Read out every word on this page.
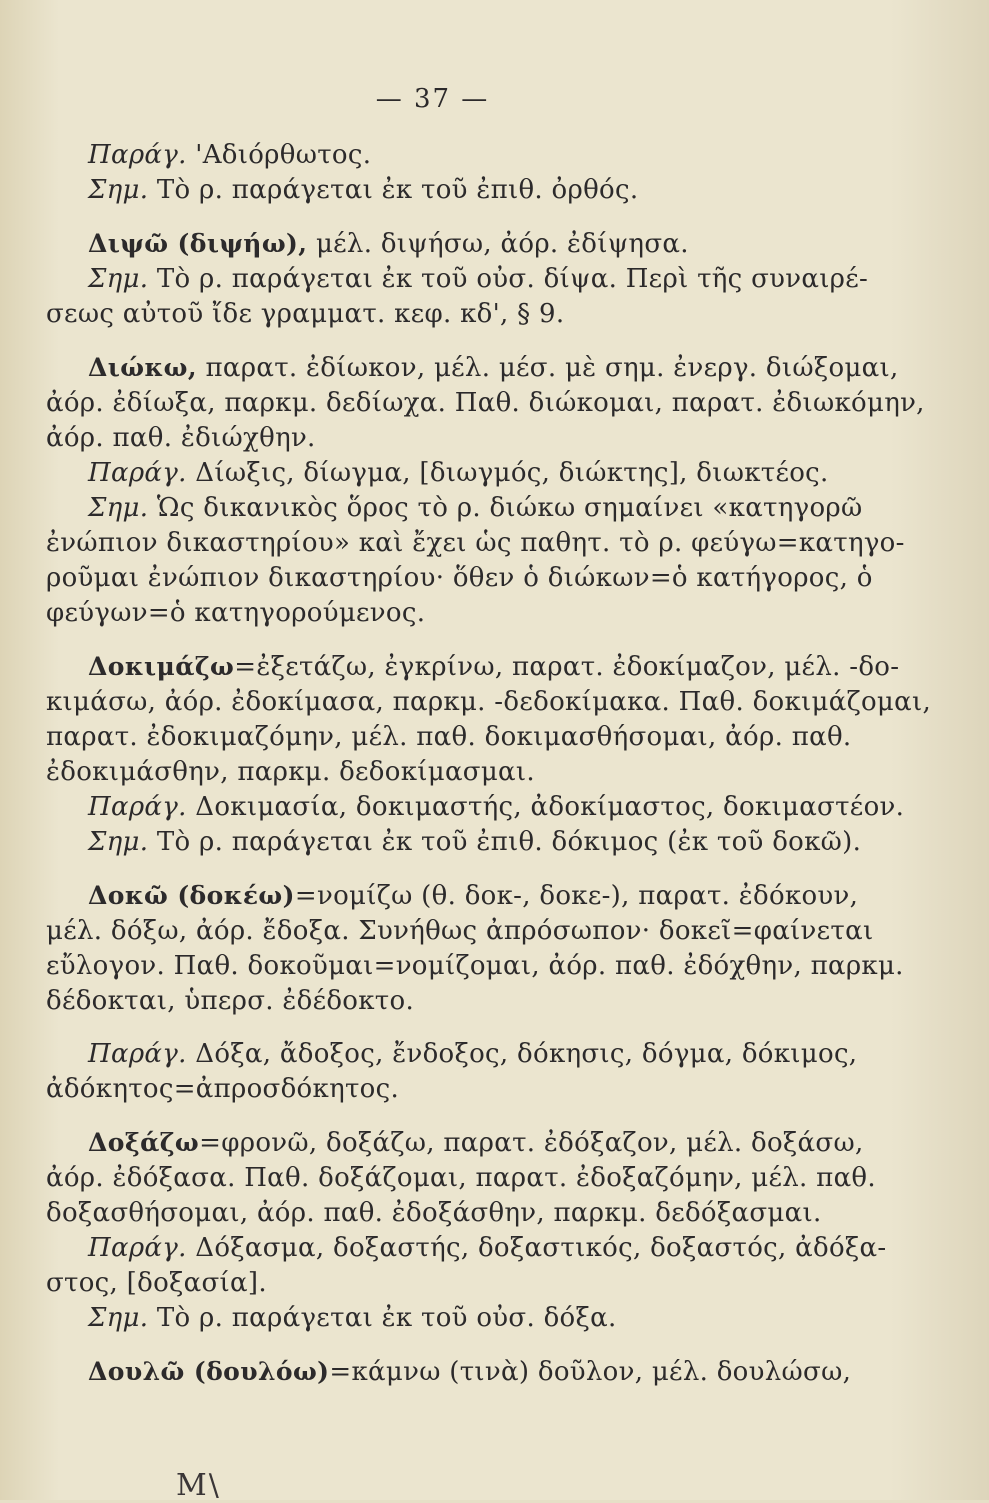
— 37 —

Παράγ. 'Αδιόρθωτος.

Σημ. Τὸ ρ. παράγεται ἐκ τοῦ ἐπιθ. ὀρθός.

Διψῶ (διψήω), μέλ. διψήσω, ἀόρ. ἐδίψησα.

Σημ. Τὸ ρ. παράγεται ἐκ τοῦ οὐσ. δίψα. Περὶ τῆς συναιρέ-

σεως αὐτοῦ ἴδε γραμματ. κεφ. κδ', § 9.

Διώκω, παρατ. ἐδίωκον, μέλ. μέσ. μὲ σημ. ἐνεργ. διώξομαι,

ἀόρ. ἐδίωξα, παρκμ. δεδίωχα. Παθ. διώκομαι, παρατ. ἐδιωκόμην,

ἀόρ. παθ. ἐδιώχθην.

Παράγ. Δίωξις, δίωγμα, [διωγμός, διώκτης], διωκτέος.

Σημ. Ὡς δικανικὸς ὅρος τὸ ρ. διώκω σημαίνει «κατηγορῶ

ἐνώπιον δικαστηρίου» καὶ ἔχει ὡς παθητ. τὸ ρ. φεύγω=κατηγο-

ροῦμαι ἐνώπιον δικαστηρίου· ὅθεν ὁ διώκων=ὁ κατήγορος, ὁ

φεύγων=ὁ κατηγορούμενος.

Δοκιμάζω=ἐξετάζω, ἐγκρίνω, παρατ. ἐδοκίμαζον, μέλ. -δο-

κιμάσω, ἀόρ. ἐδοκίμασα, παρκμ. -δεδοκίμακα. Παθ. δοκιμάζομαι,

παρατ. ἐδοκιμαζόμην, μέλ. παθ. δοκιμασθήσομαι, ἀόρ. παθ.

ἐδοκιμάσθην, παρκμ. δεδοκίμασμαι.

Παράγ. Δοκιμασία, δοκιμαστής, ἀδοκίμαστος, δοκιμαστέον.

Σημ. Τὸ ρ. παράγεται ἐκ τοῦ ἐπιθ. δόκιμος (ἐκ τοῦ δοκῶ).

Δοκῶ (δοκέω)=νομίζω (θ. δοκ-, δοκε-), παρατ. ἐδόκουν,

μέλ. δόξω, ἀόρ. ἔδοξα. Συνήθως ἀπρόσωπον· δοκεῖ=φαίνεται

εὔλογον. Παθ. δοκοῦμαι=νομίζομαι, ἀόρ. παθ. ἐδόχθην, παρκμ.

δέδοκται, ὑπερσ. ἐδέδοκτο.

Παράγ. Δόξα, ἄδοξος, ἔνδοξος, δόκησις, δόγμα, δόκιμος,

ἀδόκητος=ἀπροσδόκητος.

Δοξάζω=φρονῶ, δοξάζω, παρατ. ἐδόξαζον, μέλ. δοξάσω,

ἀόρ. ἐδόξασα. Παθ. δοξάζομαι, παρατ. ἐδοξαζόμην, μέλ. παθ.

δοξασθήσομαι, ἀόρ. παθ. ἐδοξάσθην, παρκμ. δεδόξασμαι.

Παράγ. Δόξασμα, δοξαστής, δοξαστικός, δοξαστός, ἀδόξα-

στος, [δοξασία].

Σημ. Τὸ ρ. παράγεται ἐκ τοῦ οὐσ. δόξα.

Δουλῶ (δουλόω)=κάμνω (τινὰ) δοῦλον, μέλ. δουλώσω,

Μ\
